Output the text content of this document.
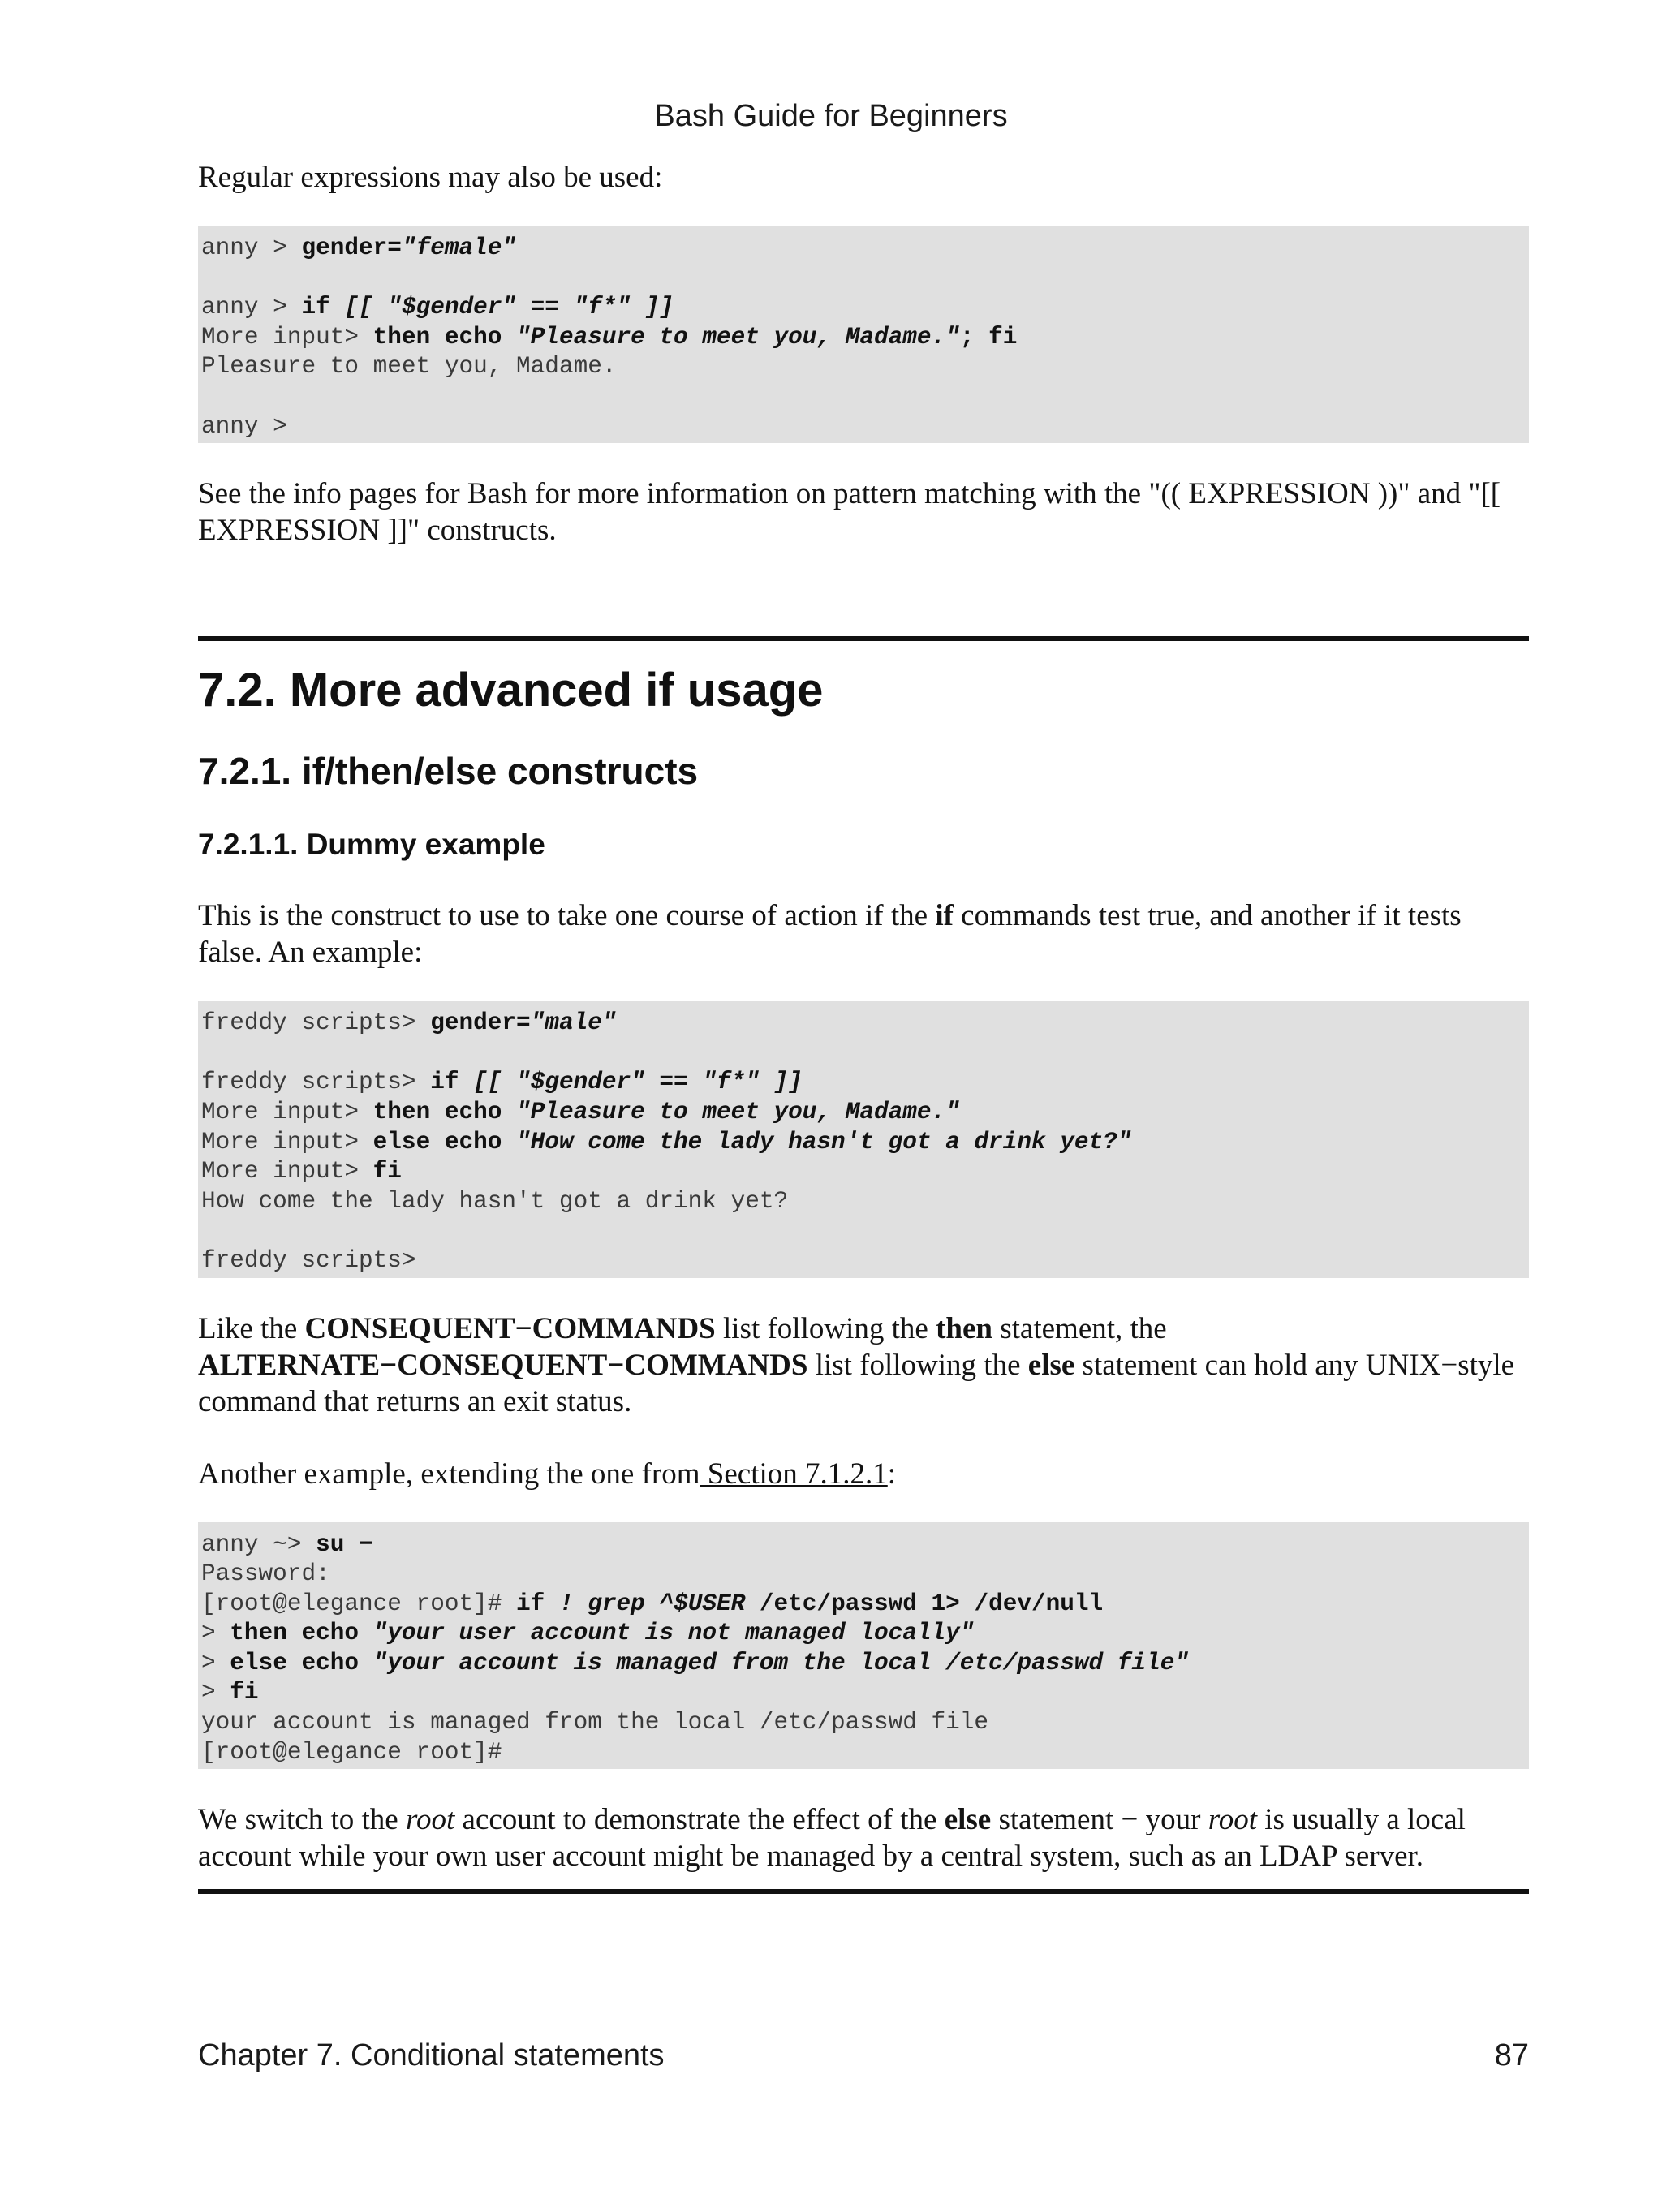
Bash Guide for Beginners

Regular expressions may also be used:

anny > gender="female"
anny > if [[ "$gender" == "f*" ]]
More input> then echo "Pleasure to meet you, Madame."; fi
Pleasure to meet you, Madame.
anny >

See the info pages for Bash for more information on pattern matching with the "(( EXPRESSION ))" and "[[ EXPRESSION ]]" constructs.

7.2. More advanced if usage
7.2.1. if/then/else constructs
7.2.1.1. Dummy example

This is the construct to use to take one course of action if the if commands test true, and another if it tests false. An example:

freddy scripts> gender="male"
freddy scripts> if [[ "$gender" == "f*" ]]
More input> then echo "Pleasure to meet you, Madame."
More input> else echo "How come the lady hasn't got a drink yet?"
More input> fi
How come the lady hasn't got a drink yet?
freddy scripts>

Like the CONSEQUENT−COMMANDS list following the then statement, the ALTERNATE−CONSEQUENT−COMMANDS list following the else statement can hold any UNIX−style command that returns an exit status.

Another example, extending the one from Section 7.1.2.1:

anny ~> su −
Password:
[root@elegance root]# if ! grep ^$USER /etc/passwd 1> /dev/null
> then echo "your user account is not managed locally"
> else echo "your account is managed from the local /etc/passwd file"
> fi
your account is managed from the local /etc/passwd file
[root@elegance root]#

We switch to the root account to demonstrate the effect of the else statement − your root is usually a local account while your own user account might be managed by a central system, such as an LDAP server.

Chapter 7. Conditional statements	87
